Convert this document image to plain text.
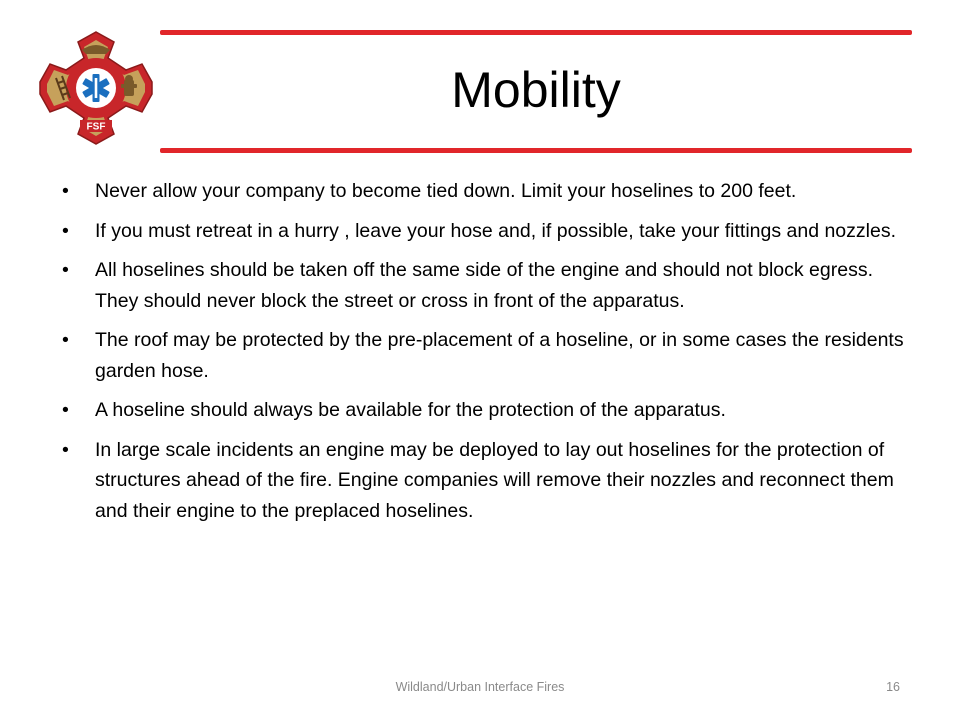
FSF
Mobility
• Never allow your company to become tied down. Limit your hoselines to 200 feet.
• If you must retreat in a hurry , leave your hose and, if possible, take your fittings and nozzles.
• All hoselines should be taken off the same side of the engine and should not block egress. They should never block the street or cross in front of the apparatus.
• The roof may be protected by the pre-placement of a hoseline, or in some cases the residents garden hose.
• A hoseline should always be available for the protection of the apparatus.
• In large scale incidents an engine may be deployed to lay out hoselines for the protection of structures ahead of the fire. Engine companies will remove their nozzles and reconnect them and their engine to the preplaced hoselines.
Wildland/Urban Interface Fires	16
